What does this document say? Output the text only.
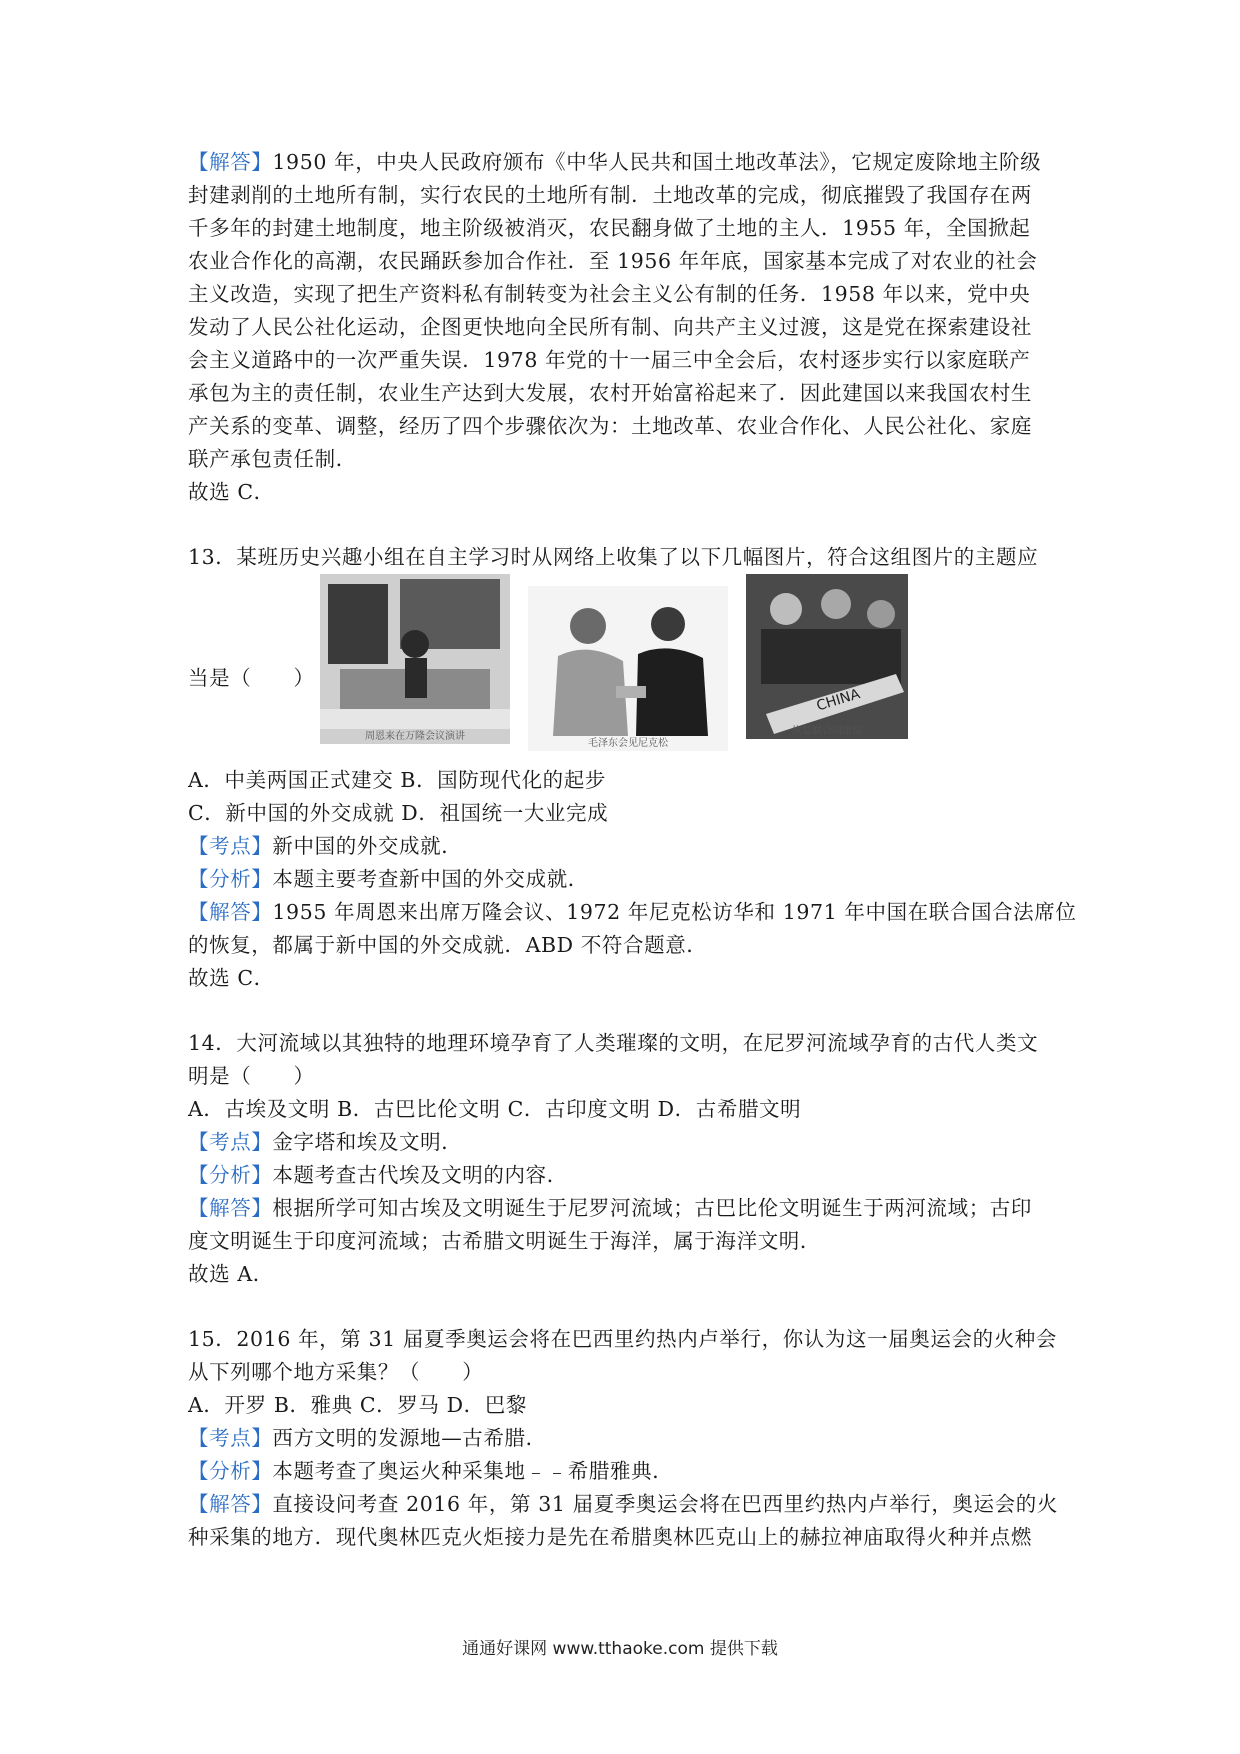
【解答】1950 年，中央人民政府颁布《中华人民共和国土地改革法》，它规定废除地主阶级
封建剥削的土地所有制，实行农民的土地所有制．土地改革的完成，彻底摧毁了我国存在两
千多年的封建土地制度，地主阶级被消灭，农民翻身做了土地的主人．1955 年，全国掀起
农业合作化的高潮，农民踊跃参加合作社．至 1956 年年底，国家基本完成了对农业的社会
主义改造，实现了把生产资料私有制转变为社会主义公有制的任务．1958 年以来，党中央
发动了人民公社化运动，企图更快地向全民所有制、向共产主义过渡，这是党在探索建设社
会主义道路中的一次严重失误．1978 年党的十一届三中全会后，农村逐步实行以家庭联产
承包为主的责任制，农业生产达到大发展，农村开始富裕起来了．因此建国以来我国农村生
产关系的变革、调整，经历了四个步骤依次为：土地改革、农业合作化、人民公社化、家庭
联产承包责任制．
故选 C．
13．某班历史兴趣小组在自主学习时从网络上收集了以下几幅图片，符合这组图片的主题应
当是（　　）
周恩来在万隆会议演讲
毛泽东会见尼克松
CHINA
恢复联合国席位
A．中美两国正式建交 B．国防现代化的起步
C．新中国的外交成就 D．祖国统一大业完成
【考点】新中国的外交成就．
【分析】本题主要考查新中国的外交成就．
【解答】1955 年周恩来出席万隆会议、1972 年尼克松访华和 1971 年中国在联合国合法席位
的恢复，都属于新中国的外交成就．ABD 不符合题意．
故选 C．
14．大河流域以其独特的地理环境孕育了人类璀璨的文明，在尼罗河流域孕育的古代人类文
明是（　　）
A．古埃及文明 B．古巴比伦文明 C．古印度文明 D．古希腊文明
【考点】金字塔和埃及文明．
【分析】本题考查古代埃及文明的内容．
【解答】根据所学可知古埃及文明诞生于尼罗河流域；古巴比伦文明诞生于两河流域；古印
度文明诞生于印度河流域；古希腊文明诞生于海洋，属于海洋文明．
故选 A．
15．2016 年，第 31 届夏季奥运会将在巴西里约热内卢举行，你认为这一届奥运会的火种会
从下列哪个地方采集？（　　）
A．开罗 B．雅典 C．罗马 D．巴黎
【考点】西方文明的发源地—古希腊．
【分析】本题考查了奥运火种采集地﹣﹣希腊雅典．
【解答】直接设问考查 2016 年，第 31 届夏季奥运会将在巴西里约热内卢举行，奥运会的火
种采集的地方．现代奥林匹克火炬接力是先在希腊奥林匹克山上的赫拉神庙取得火种并点燃
通通好课网 www.tthaoke.com 提供下载
